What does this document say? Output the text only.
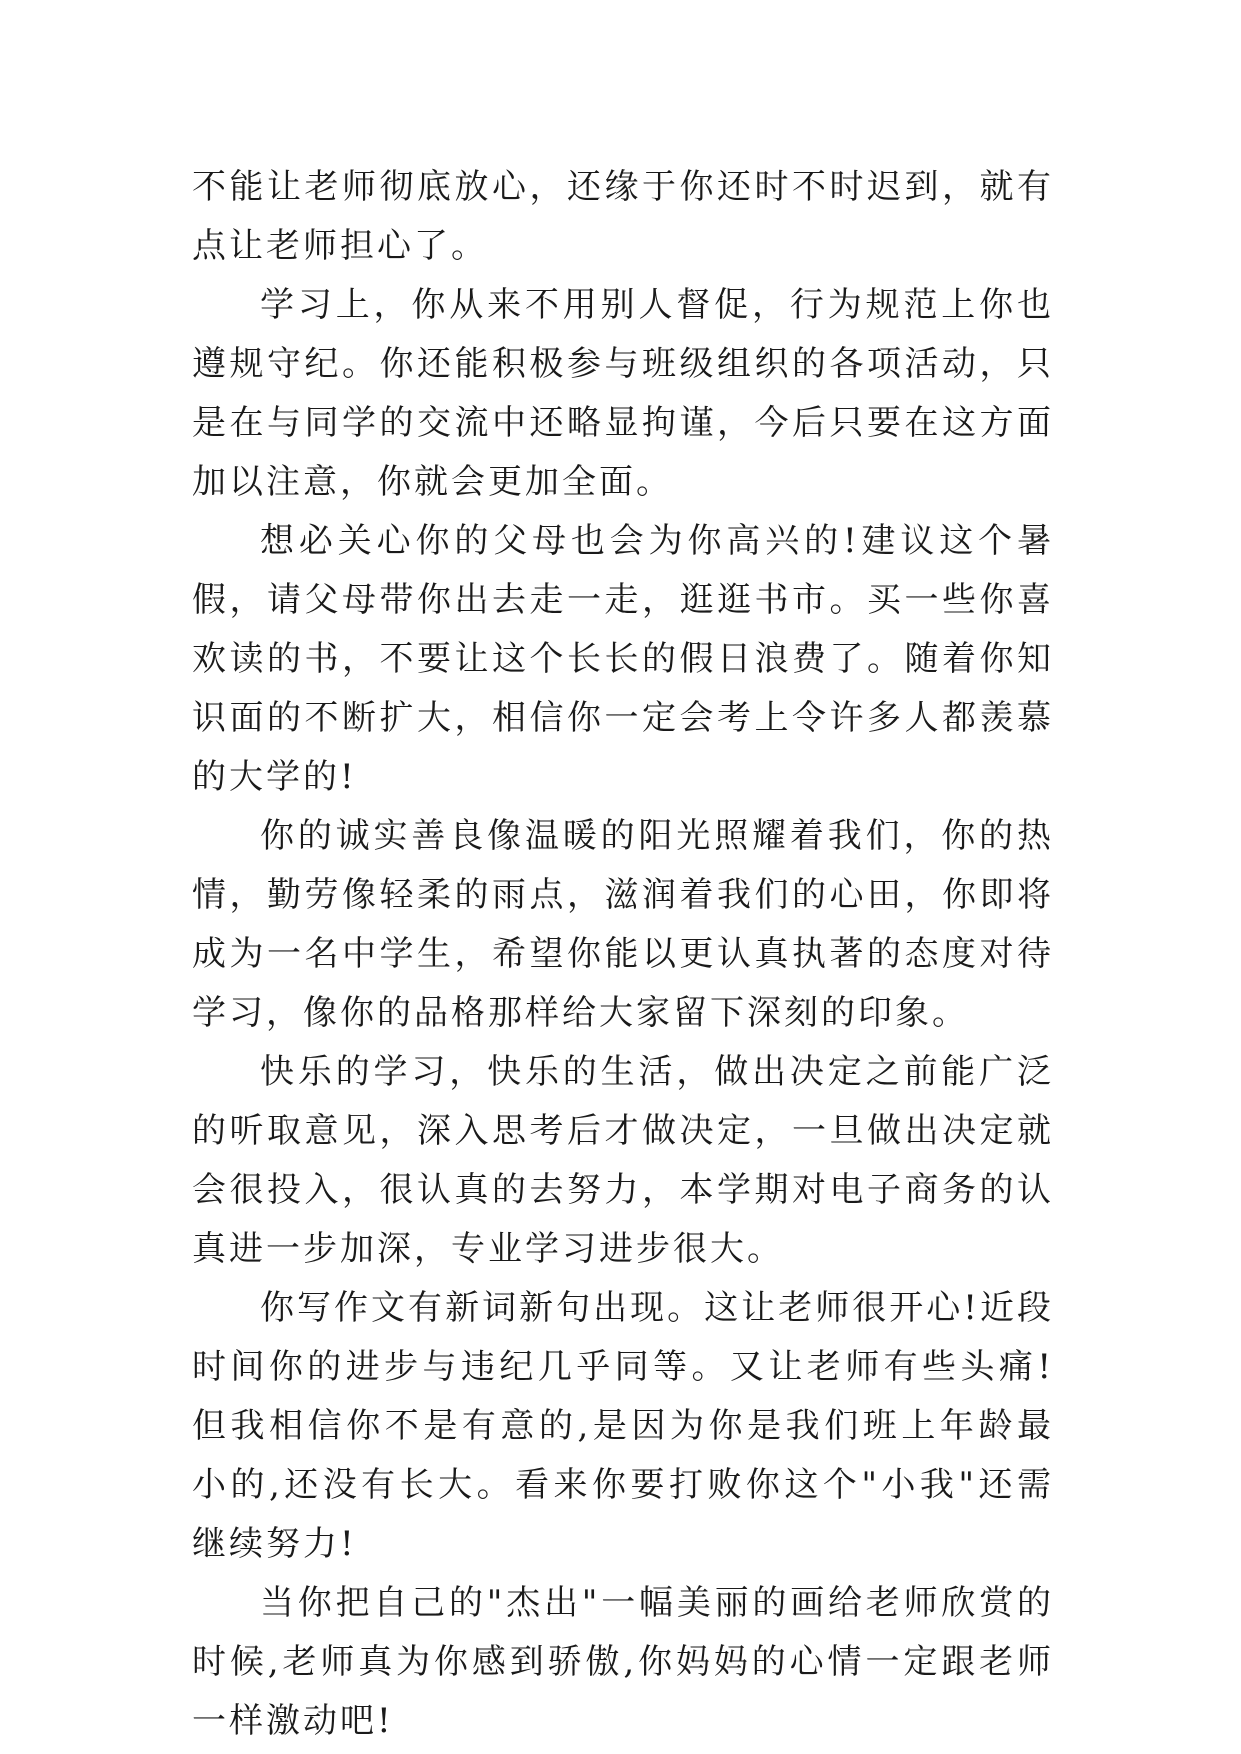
不能让老师彻底放心，还缘于你还时不时迟到，就有点让老师担心了。

学习上，你从来不用别人督促，行为规范上你也遵规守纪。你还能积极参与班级组织的各项活动，只是在与同学的交流中还略显拘谨，今后只要在这方面加以注意，你就会更加全面。

想必关心你的父母也会为你高兴的!建议这个暑假，请父母带你出去走一走，逛逛书市。买一些你喜欢读的书，不要让这个长长的假日浪费了。随着你知识面的不断扩大，相信你一定会考上令许多人都羡慕的大学的!

你的诚实善良像温暖的阳光照耀着我们，你的热情，勤劳像轻柔的雨点，滋润着我们的心田，你即将成为一名中学生，希望你能以更认真执著的态度对待学习，像你的品格那样给大家留下深刻的印象。

快乐的学习，快乐的生活，做出决定之前能广泛的听取意见，深入思考后才做决定，一旦做出决定就会很投入，很认真的去努力，本学期对电子商务的认真进一步加深，专业学习进步很大。

你写作文有新词新句出现。这让老师很开心!近段时间你的进步与违纪几乎同等。又让老师有些头痛!但我相信你不是有意的,是因为你是我们班上年龄最小的,还没有长大。看来你要打败你这个"小我"还需继续努力!

当你把自己的"杰出"一幅美丽的画给老师欣赏的时候,老师真为你感到骄傲,你妈妈的心情一定跟老师一样激动吧!
